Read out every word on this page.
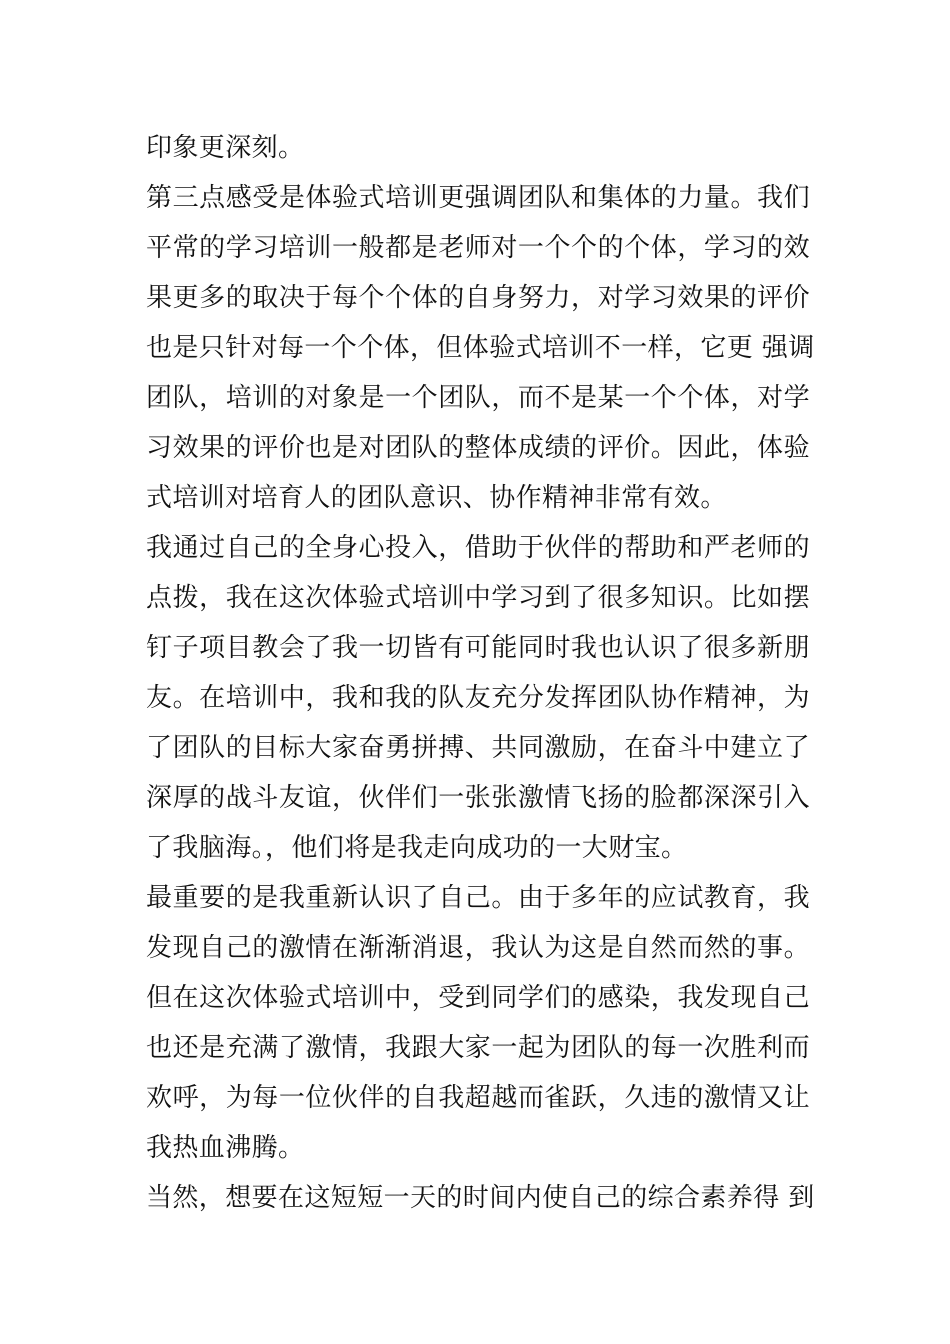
印象更深刻。
第三点感受是体验式培训更强调团队和集体的力量。我们
平常的学习培训一般都是老师对一个个的个体，学习的效
果更多的取决于每个个体的自身努力，对学习效果的评价
也是只针对每一个个体，但体验式培训不一样，它更 强调
团队，培训的对象是一个团队，而不是某一个个体，对学
习效果的评价也是对团队的整体成绩的评价。因此，体验
式培训对培育人的团队意识、协作精神非常有效。
我通过自己的全身心投入，借助于伙伴的帮助和严老师的
点拨，我在这次体验式培训中学习到了很多知识。比如摆
钉子项目教会了我一切皆有可能同时我也认识了很多新朋
友。在培训中，我和我的队友充分发挥团队协作精神，为
了团队的目标大家奋勇拼搏、共同激励，在奋斗中建立了
深厚的战斗友谊，伙伴们一张张激情飞扬的脸都深深引入
了我脑海。，他们将是我走向成功的一大财宝。
最重要的是我重新认识了自己。由于多年的应试教育，我
发现自己的激情在渐渐消退，我认为这是自然而然的事。
但在这次体验式培训中，受到同学们的感染，我发现自己
也还是充满了激情，我跟大家一起为团队的每一次胜利而
欢呼，为每一位伙伴的自我超越而雀跃，久违的激情又让
我热血沸腾。
当然，想要在这短短一天的时间内使自己的综合素养得 到
